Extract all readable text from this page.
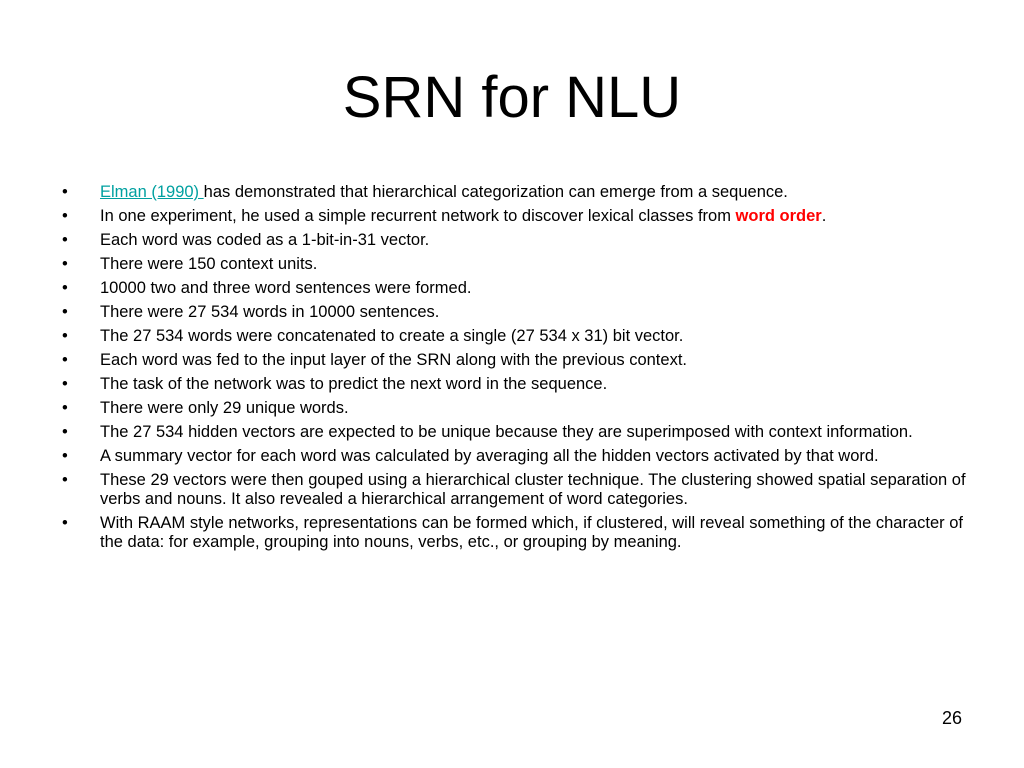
SRN for NLU
• Elman (1990) has demonstrated that hierarchical categorization can emerge from a sequence.
• In one experiment, he used a simple recurrent network to discover lexical classes from word order.
• Each word was coded as a 1-bit-in-31 vector.
• There were 150 context units.
• 10000 two and three word sentences were formed.
• There were 27 534 words in 10000 sentences.
• The 27 534 words were concatenated to create a single (27 534 x 31) bit vector.
• Each word was fed to the input layer of the SRN along with the previous context.
• The task of the network was to predict the next word in the sequence.
• There were only 29 unique words.
• The 27 534 hidden vectors are expected to be unique because they are superimposed with context information.
• A summary vector for each word was calculated by averaging all the hidden vectors activated by that word.
• These 29 vectors were then gouped using a hierarchical cluster technique. The clustering showed spatial separation of verbs and nouns. It also revealed a hierarchical arrangement of word categories.
• With RAAM style networks, representations can be formed which, if clustered, will reveal something of the character of the data: for example, grouping into nouns, verbs, etc., or grouping by meaning.
26
